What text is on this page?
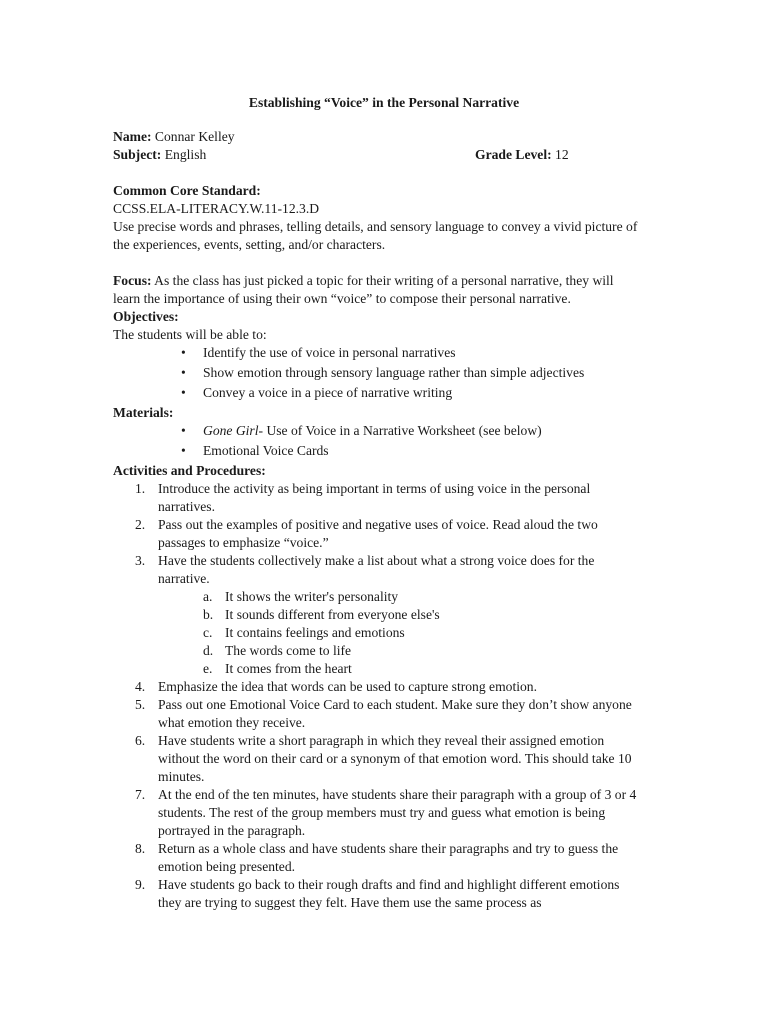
Establishing “Voice” in the Personal Narrative
Name: Connar Kelley
Subject: English	Grade Level: 12

Common Core Standard:

CCSS.ELA-LITERACY.W.11-12.3.D

Use precise words and phrases, telling details, and sensory language to convey a vivid picture of the experiences, events, setting, and/or characters.

Focus: As the class has just picked a topic for their writing of a personal narrative, they will learn the importance of using their own “voice” to compose their personal narrative.

Objectives:

The students will be able to:

• Identify the use of voice in personal narratives
• Show emotion through sensory language rather than simple adjectives
• Convey a voice in a piece of narrative writing

Materials:

• Gone Girl- Use of Voice in a Narrative Worksheet (see below)
• Emotional Voice Cards

Activities and Procedures:

1. Introduce the activity as being important in terms of using voice in the personal narratives.
2. Pass out the examples of positive and negative uses of voice. Read aloud the two passages to emphasize “voice.”
3. Have the students collectively make a list about what a strong voice does for the narrative.
a. It shows the writer's personality
b. It sounds different from everyone else's
c. It contains feelings and emotions
d. The words come to life
e. It comes from the heart
4. Emphasize the idea that words can be used to capture strong emotion.
5. Pass out one Emotional Voice Card to each student. Make sure they don’t show anyone what emotion they receive.
6. Have students write a short paragraph in which they reveal their assigned emotion without the word on their card or a synonym of that emotion word. This should take 10 minutes.
7. At the end of the ten minutes, have students share their paragraph with a group of 3 or 4 students. The rest of the group members must try and guess what emotion is being portrayed in the paragraph.
8. Return as a whole class and have students share their paragraphs and try to guess the emotion being presented.
9. Have students go back to their rough drafts and find and highlight different emotions they are trying to suggest they felt. Have them use the same process as
